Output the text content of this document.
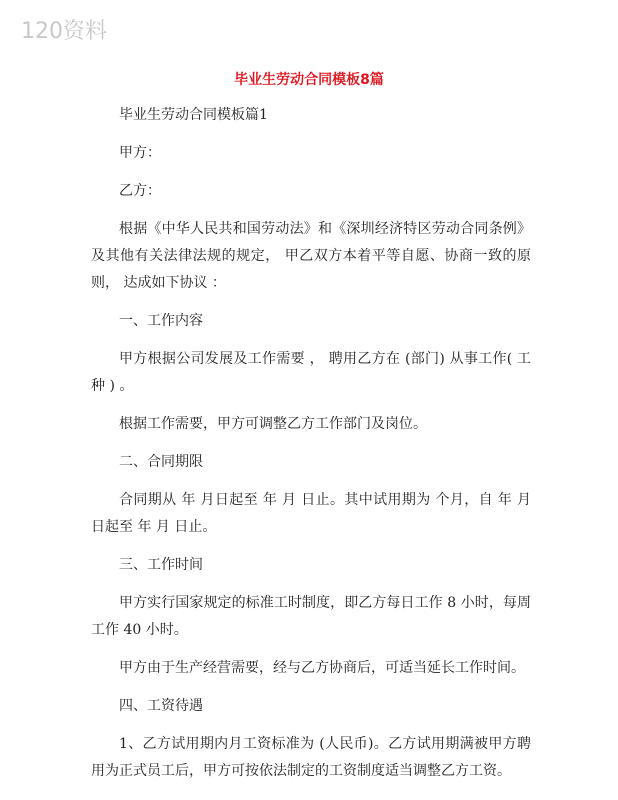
120资料
毕业生劳动合同模板8篇

毕业生劳动合同模板篇1

甲方：

乙方：

根据《中华人民共和国劳动法》和《深圳经济特区劳动合同条例》及其他有关法律法规的规定， 甲乙双方本着平等自愿、协商一致的原则， 达成如下协议 ：

一、工作内容

甲方根据公司发展及工作需要 ， 聘用乙方在 (部门) 从事工作( 工种 ) 。

根据工作需要，甲方可调整乙方工作部门及岗位。

二、合同期限

合同期从 年 月日起至 年 月 日止。其中试用期为 个月，自 年 月日起至 年 月 日止。

三、工作时间

甲方实行国家规定的标准工时制度，即乙方每日工作 8 小时，每周工作 40 小时。

甲方由于生产经营需要，经与乙方协商后，可适当延长工作时间。

四、工资待遇

1、乙方试用期内月工资标准为 (人民币)。乙方试用期满被甲方聘用为正式员工后，甲方可按依法制定的工资制度适当调整乙方工资。
